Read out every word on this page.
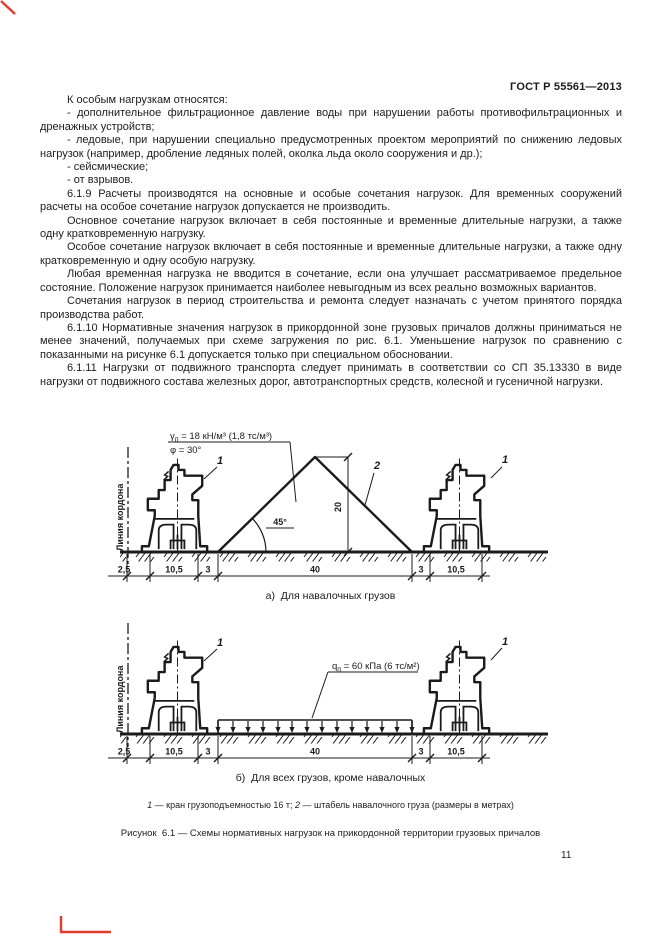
ГОСТ Р 55561—2013

К особым нагрузкам относятся:

- дополнительное фильтрационное давление воды при нарушении работы противофильтрационных и дренажных устройств;

- ледовые, при нарушении специально предусмотренных проектом мероприятий по снижению ледовых нагрузок (например, дробление ледяных полей, околка льда около сооружения и др.);

- сейсмические;

- от взрывов.

6.1.9 Расчеты производятся на основные и особые сочетания нагрузок. Для временных сооружений расчеты на особое сочетание нагрузок допускается не производить.

Основное сочетание нагрузок включает в себя постоянные и временные длительные нагрузки, а также одну кратковременную нагрузку.

Особое сочетание нагрузок включает в себя постоянные и временные длительные нагрузки, а также одну кратковременную и одну особую нагрузку.

Любая временная нагрузка не вводится в сочетание, если она улучшает рассматриваемое предельное состояние. Положение нагрузок принимается наиболее невыгодным из всех реально возможных вариантов.

Сочетания нагрузок в период строительства и ремонта следует назначать с учетом принятого порядка производства работ.

6.1.10 Нормативные значения нагрузок в прикордонной зоне грузовых причалов должны приниматься не менее значений, получаемых при схеме загружения по рис. 6.1. Уменьшение нагрузок по сравнению с показанными на рисунке 6.1 допускается только при специальном обосновании.

6.1.11 Нагрузки от подвижного транспорта следует принимать в соответствии со СП 35.13330 в виде нагрузки от подвижного состава железных дорог, автотранспортных средств, колесной и гусеничной нагрузки.

Линия кордона	20
45°
$\gamma_п = 18$ кН/м³ (1,8 тс/м³)
φ = 30°
1	2	1
2,5	10,5	3	40	3	10,5
а)  Для навалочных грузов
Линия кордона	$q_п = 60$ кПа (6 тс/м²)
1	1
2,5	10,5	3	40	3	10,5
б)  Для всех грузов, кроме навалочных
1 — кран грузоподъемностью 16 т; 2 — штабель навалочного груза (размеры в метрах)
Рисунок  6.1 — Схемы нормативных нагрузок на прикордонной территории грузовых причалов
11
